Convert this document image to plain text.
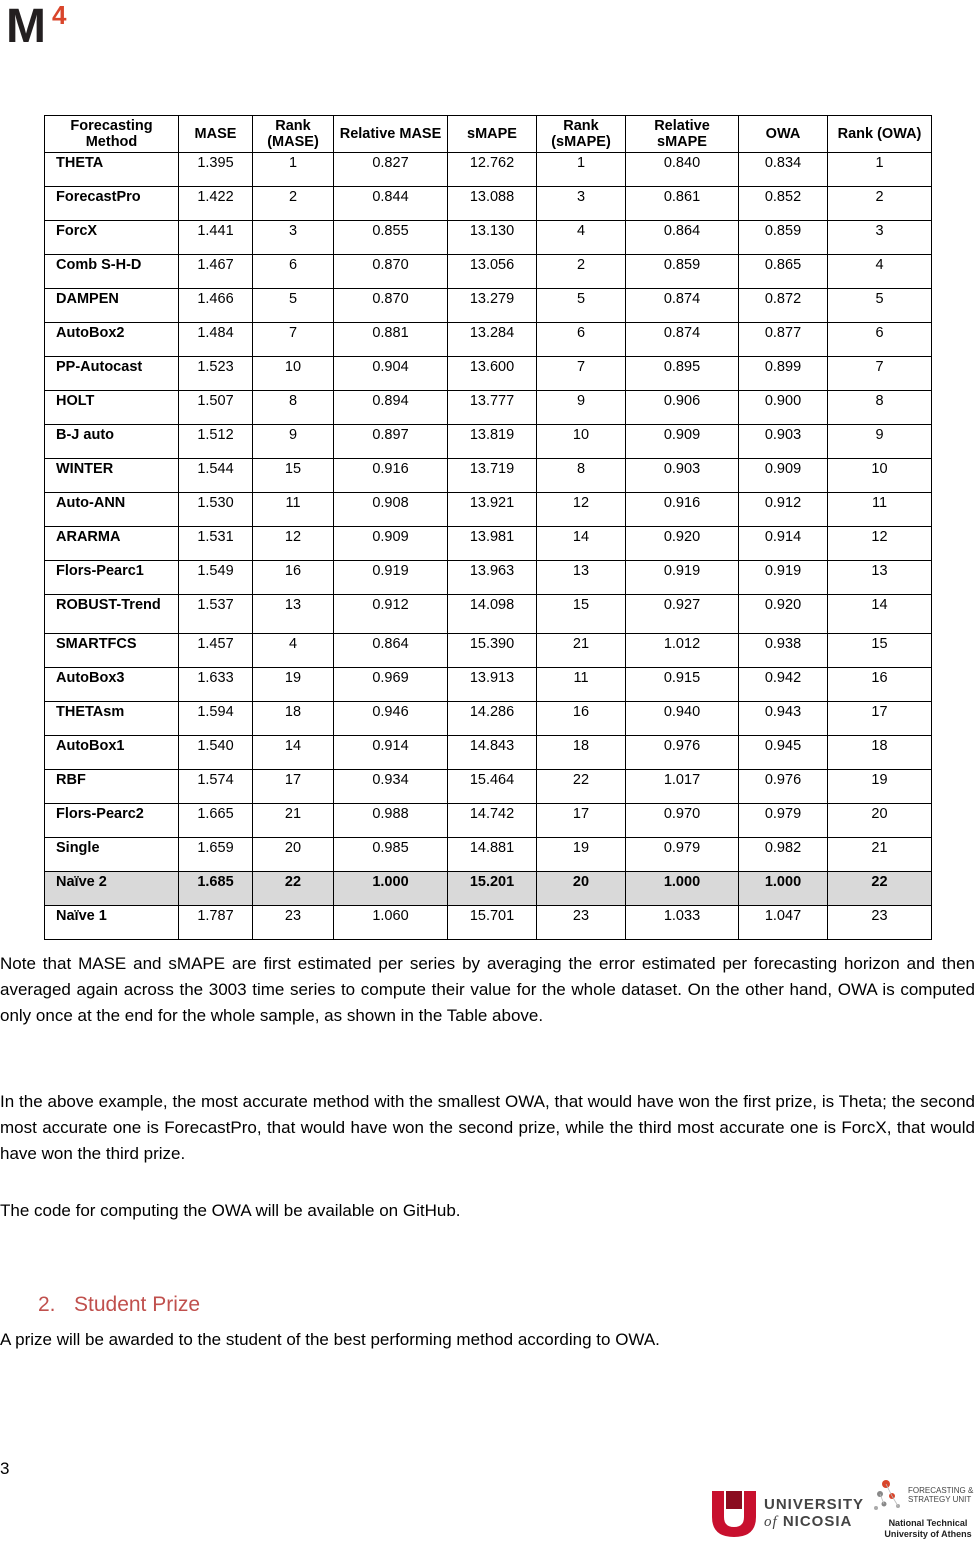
M 4
Forecasting Method	MASE	Rank (MASE)	Relative MASE	sMAPE	Rank (sMAPE)	Relative sMAPE	OWA	Rank (OWA)
THETA	1.395	1	0.827	12.762	1	0.840	0.834	1
ForecastPro	1.422	2	0.844	13.088	3	0.861	0.852	2
ForcX	1.441	3	0.855	13.130	4	0.864	0.859	3
Comb S-H-D	1.467	6	0.870	13.056	2	0.859	0.865	4
DAMPEN	1.466	5	0.870	13.279	5	0.874	0.872	5
AutoBox2	1.484	7	0.881	13.284	6	0.874	0.877	6
PP-Autocast	1.523	10	0.904	13.600	7	0.895	0.899	7
HOLT	1.507	8	0.894	13.777	9	0.906	0.900	8
B-J auto	1.512	9	0.897	13.819	10	0.909	0.903	9
WINTER	1.544	15	0.916	13.719	8	0.903	0.909	10
Auto-ANN	1.530	11	0.908	13.921	12	0.916	0.912	11
ARARMA	1.531	12	0.909	13.981	14	0.920	0.914	12
Flors-Pearc1	1.549	16	0.919	13.963	13	0.919	0.919	13
ROBUST-Trend	1.537	13	0.912	14.098	15	0.927	0.920	14
SMARTFCS	1.457	4	0.864	15.390	21	1.012	0.938	15
AutoBox3	1.633	19	0.969	13.913	11	0.915	0.942	16
THETAsm	1.594	18	0.946	14.286	16	0.940	0.943	17
AutoBox1	1.540	14	0.914	14.843	18	0.976	0.945	18
RBF	1.574	17	0.934	15.464	22	1.017	0.976	19
Flors-Pearc2	1.665	21	0.988	14.742	17	0.970	0.979	20
Single	1.659	20	0.985	14.881	19	0.979	0.982	21
Naïve 2	1.685	22	1.000	15.201	20	1.000	1.000	22
Naïve 1	1.787	23	1.060	15.701	23	1.033	1.047	23

Note that MASE and sMAPE are first estimated per series by averaging the error estimated per forecasting horizon and then averaged again across the 3003 time series to compute their value for the whole dataset. On the other hand, OWA is computed only once at the end for the whole sample, as shown in the Table above.

In the above example, the most accurate method with the smallest OWA, that would have won the first prize, is Theta; the second most accurate one is ForecastPro, that would have won the second prize, while the third most accurate one is ForcX, that would have won the third prize.

The code for computing the OWA will be available on GitHub.

2. Student Prize

A prize will be awarded to the student of the best performing method according to OWA.

3

UNIVERSITY
of NICOSIA
FORECASTING &
STRATEGY UNIT
National Technical
University of Athens
